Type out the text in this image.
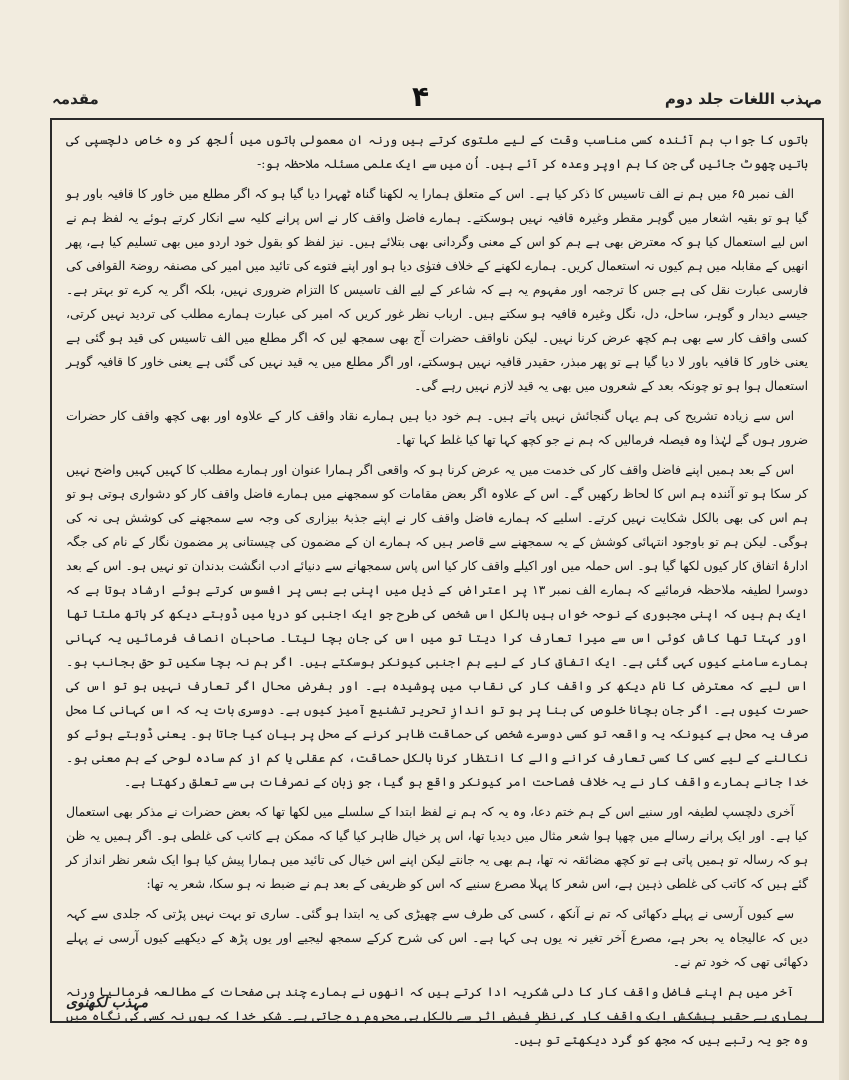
مہذب اللغات جلد دوم
۴
مقدمہ

باتوں کا جواب ہم آئندہ کسی مناسب وقت کے لیے ملتوی کرتے ہیں ورنہ ان معمولی باتوں میں اُلجھ کر وہ خاص دلچسپی کی باتیں چھوٹ جائیں گی جن کا ہم اوپر وعدہ کر آئے ہیں۔ اُن میں سے ایک علمی مسئلہ ملاحظہ ہو:-

الف نمبر ۶۵ میں ہم نے الف تاسیس کا ذکر کیا ہے۔ اس کے متعلق ہمارا یہ لکھنا گناہ ٹھہرا دیا گیا ہو کہ اگر مطلع میں خاور کا قافیہ باور ہو گیا ہو تو بقیہ اشعار میں گوہر مقطر وغیرہ قافیہ نہیں ہوسکتے۔ ہمارے فاضل واقف کار نے اس پرانے کلیہ سے انکار کرتے ہوئے یہ لفظ ہم نے اس لیے استعمال کیا ہو کہ معترض بھی ہے ہم کو اس کے معنی وگردانی بھی بتلائے ہیں۔ نیز لفظ کو بقول خود اردو میں بھی تسلیم کیا ہے، پھر انھیں کے مقابلہ میں ہم کیوں نہ استعمال کریں۔ ہمارے لکھنے کے خلاف فتوٰی دیا ہو اور اپنے فتوے کی تائید میں امیر کی مصنفہ روضۃ القوافی کی فارسی عبارت نقل کی ہے جس کا ترجمہ اور مفہوم یہ ہے کہ شاعر کے لیے الف تاسیس کا التزام ضروری نہیں، بلکہ اگر یہ کرے تو بہتر ہے۔ جیسے دیدار و گوہر، ساحل، دل، نگل وغیرہ قافیہ ہو سکتے ہیں۔ ارباب نظر غور کریں کہ امیر کی عبارت ہمارے مطلب کی تردید نہیں کرتی، کسی واقف کار سے بھی ہم کچھ عرض کرنا نہیں۔ لیکن ناواقف حضرات آج بھی سمجھ لیں کہ اگر مطلع میں الف تاسیس کی قید ہو گئی ہے یعنی خاور کا قافیہ باور لا دیا گیا ہے تو پھر مبذر، حقیدر قافیہ نہیں ہوسکتے، اور اگر مطلع میں یہ قید نہیں کی گئی ہے یعنی خاور کا قافیہ گوہر استعمال ہوا ہو تو چونکہ بعد کے شعروں میں بھی یہ قید لازم نہیں رہے گی۔

اس سے زیادہ تشریح کی ہم یہاں گنجائش نہیں پاتے ہیں۔ ہم خود دیا ہیں ہمارے نقاد واقف کار کے علاوہ اور بھی کچھ واقف کار حضرات ضرور ہوں گے لہٰذا وہ فیصلہ فرمالیں کہ ہم نے جو کچھ کہا تھا کیا غلط کہا تھا۔

اس کے بعد ہمیں اپنے فاضل واقف کار کی خدمت میں یہ عرض کرنا ہو کہ واقعی اگر ہمارا عنوان اور ہمارے مطلب کا کہیں کہیں واضح نہیں کر سکا ہو تو آئندہ ہم اس کا لحاظ رکھیں گے۔ اس کے علاوہ اگر بعض مقامات کو سمجھنے میں ہمارے فاضل واقف کار کو دشواری ہوتی ہو تو ہم اس کی بھی بالکل شکایت نہیں کرتے۔ اسلیے کہ ہمارے فاضل واقف کار نے اپنے جذبۂ بیزاری کی وجہ سے سمجھنے کی کوشش ہی نہ کی ہوگی۔ لیکن ہم تو باوجود انتہائی کوشش کے یہ سمجھنے سے قاصر ہیں کہ ہمارے ان کے مضمون کی چیستانی پر مضمون نگار کے نام کی جگہ ادارۂ اتفاق کار کیوں لکھا گیا ہو۔ اس حملہ میں اور اکیلے واقف کار کیا اس پاس سمجھانے سے دنیائے ادب انگشت بدندان تو نہیں ہو۔ اس کے بعد دوسرا لطیفہ ملاحظہ فرمائیے کہ ہمارے الف نمبر ۱۳ پر اعتراض کے ذیل میں اپنی بے بسی پر افسوس کرتے ہوئے ارشاد ہوتا ہے کہ ایک ہم ہیں کہ اپنی مجبوری کے نوحہ خواں ہیں بالکل اس شخص کی طرح جو ایک اجنبی کو دریا میں ڈوبتے دیکھ کر ہاتھ ملتا تھا اور کہتا تھا کاش کوئی اس سے میرا تعارف کرا دیتا تو میں اس کی جان بچا لیتا۔ صاحبان انصاف فرمائیں یہ کہانی ہمارے سامنے کیوں کہی گئی ہے۔ ایک اتفاق کار کے لیے ہم اجنبی کیونکر ہوسکتے ہیں۔ اگر ہم نہ بچا سکیں تو حق بجانب ہو۔ اس لیے کہ معترض کا نام دیکھ کر واقف کار کی نقاب میں پوشیدہ ہے۔ اور بفرض محال اگر تعارف نہیں ہو تو اس کی حسرت کیوں ہے۔ اگر جان بچانا خلوص کی بنا پر ہو تو اندازِ تحریر تشنیع آمیز کیوں ہے۔ دوسری بات یہ کہ اس کہانی کا محل صرف یہ محل ہے کیونکہ یہ واقعہ تو کسی دوسرے شخص کی حماقت ظاہر کرنے کے محل پر بیان کیا جاتا ہو۔ یعنی ڈوبتے ہوئے کو نکالنے کے لیے کسی کا کسی تعارف کرانے والے کا انتظار کرنا بالکل حماقت، کم عقلی یا کم از کم سادہ لوحی کے ہم معنی ہو۔ خدا جانے ہمارے واقف کار نے یہ خلاف فصاحت امر کیونکر واقع ہو گیا، جو زبان کے نصرفات ہی سے تعلق رکھتا ہے۔

آخری دلچسپ لطیفہ اور سنیے اس کے ہم ختم دعا، وہ یہ کہ ہم نے لفظ ابتدا کے سلسلے میں لکھا تھا کہ بعض حضرات نے مذکر بھی استعمال کیا ہے۔ اور ایک پرانے رسالے میں چھپا ہوا شعر مثال میں دیدیا تھا، اس پر خیال ظاہر کیا گیا کہ ممکن ہے کاتب کی غلطی ہو۔ اگر ہمیں یہ ظن ہو کہ رسالہ تو ہمیں پاتی ہے تو کچھ مضائقہ نہ تھا، ہم بھی یہ جانتے لیکن اپنے اس خیال کی تائید میں ہمارا پیش کیا ہوا ایک شعر نظر انداز کر گئے ہیں کہ کاتب کی غلطی ذہین ہے، اس شعر کا پہلا مصرع سنیے کہ اس کو ظریفی کے بعد ہم نے ضبط نہ ہو سکا، شعر یہ تھا:

سے کیوں آرسی نے پہلے دکھائی کہ تم نے آنکھ ، کسی کی طرف سے چھیڑی کی یہ ابتدا ہو گئی۔ ساری تو بہت نہیں پڑتی کہ جلدی سے کہہ دیں کہ عالیجاہ یہ بحر ہے، مصرع آخر تغیر نہ یوں ہی کہا ہے۔ اس کی شرح کرکے سمجھ لیجیے اور یوں پڑھ کے دیکھیے کیوں آرسی نے پہلے دکھائی تھی کہ خود تم نے۔

آخر میں ہم اپنے فاضل واقف کار کا دلی شکریہ ادا کرتے ہیں کہ انھوں نے ہمارے چند ہی صفحات کے مطالعہ فرمالیا ورنہ ہماری بے حقیر پیشکش ایک واقف کار کی نظرِ فیض اثر سے بالکل ہی محروم رہ جاتی ہے۔ شکر خدا کہ ہوں نہ کسی کی نگاہ میں وہ جو یہ رتبے ہیں کہ مجھ کو گرد دیکھتے تو ہیں۔

مہذب لکھنوی
